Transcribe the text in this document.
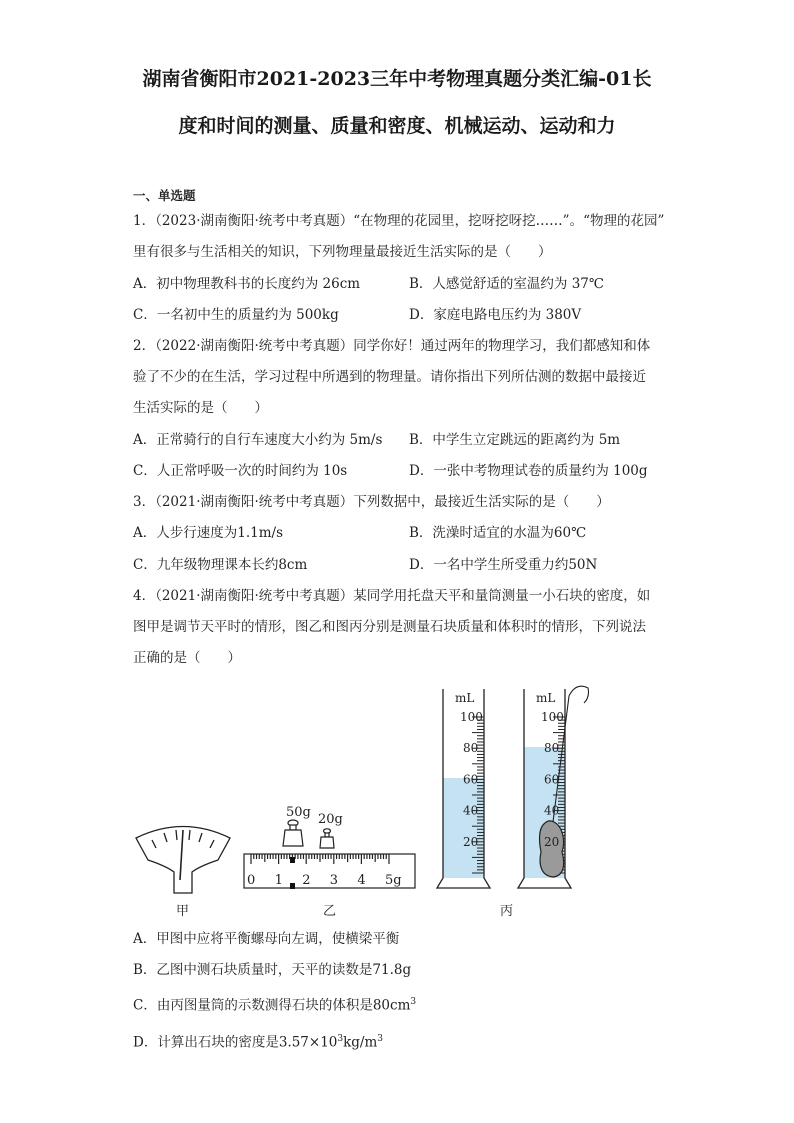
湖南省衡阳市2021-2023三年中考物理真题分类汇编-01长
度和时间的测量、质量和密度、机械运动、运动和力
一、单选题
1．（2023·湖南衡阳·统考中考真题）“在物理的花园里，挖呀挖呀挖……”。“物理的花园”
里有很多与生活相关的知识，下列物理量最接近生活实际的是（　　）
A．初中物理教科书的长度约为 26cm	B．人感觉舒适的室温约为 37℃
C．一名初中生的质量约为 500kg	D．家庭电路电压约为 380V
2．（2022·湖南衡阳·统考中考真题）同学你好！通过两年的物理学习，我们都感知和体
验了不少的在生活，学习过程中所遇到的物理量。请你指出下列所估测的数据中最接近
生活实际的是（　　）
A．正常骑行的自行车速度大小约为 5m/s B．中学生立定跳远的距离约为 5m
C．人正常呼吸一次的时间约为 10s	D．一张中考物理试卷的质量约为 100g
3．（2021·湖南衡阳·统考中考真题）下列数据中，最接近生活实际的是（　　）
A．人步行速度为1.1m/s	B．洗澡时适宜的水温为60℃
C．九年级物理课本长约8cm	D．一名中学生所受重力约50N
4．（2021·湖南衡阳·统考中考真题）某同学用托盘天平和量筒测量一小石块的密度，如
图甲是调节天平时的情形，图乙和图丙分别是测量石块质量和体积时的情形，下列说法
正确的是（　　）
50g 20g
0 1 2 3 4 5g
mL
100
80
60
40
20
mL
100
80
60
40
20
甲	乙	丙
A．甲图中应将平衡螺母向左调，使横梁平衡
B．乙图中测石块质量时，天平的读数是71.8g
C．由丙图量筒的示数测得石块的体积是$80cm^3$
D．计算出石块的密度是$3.57\times 10^3kg/m^3$
